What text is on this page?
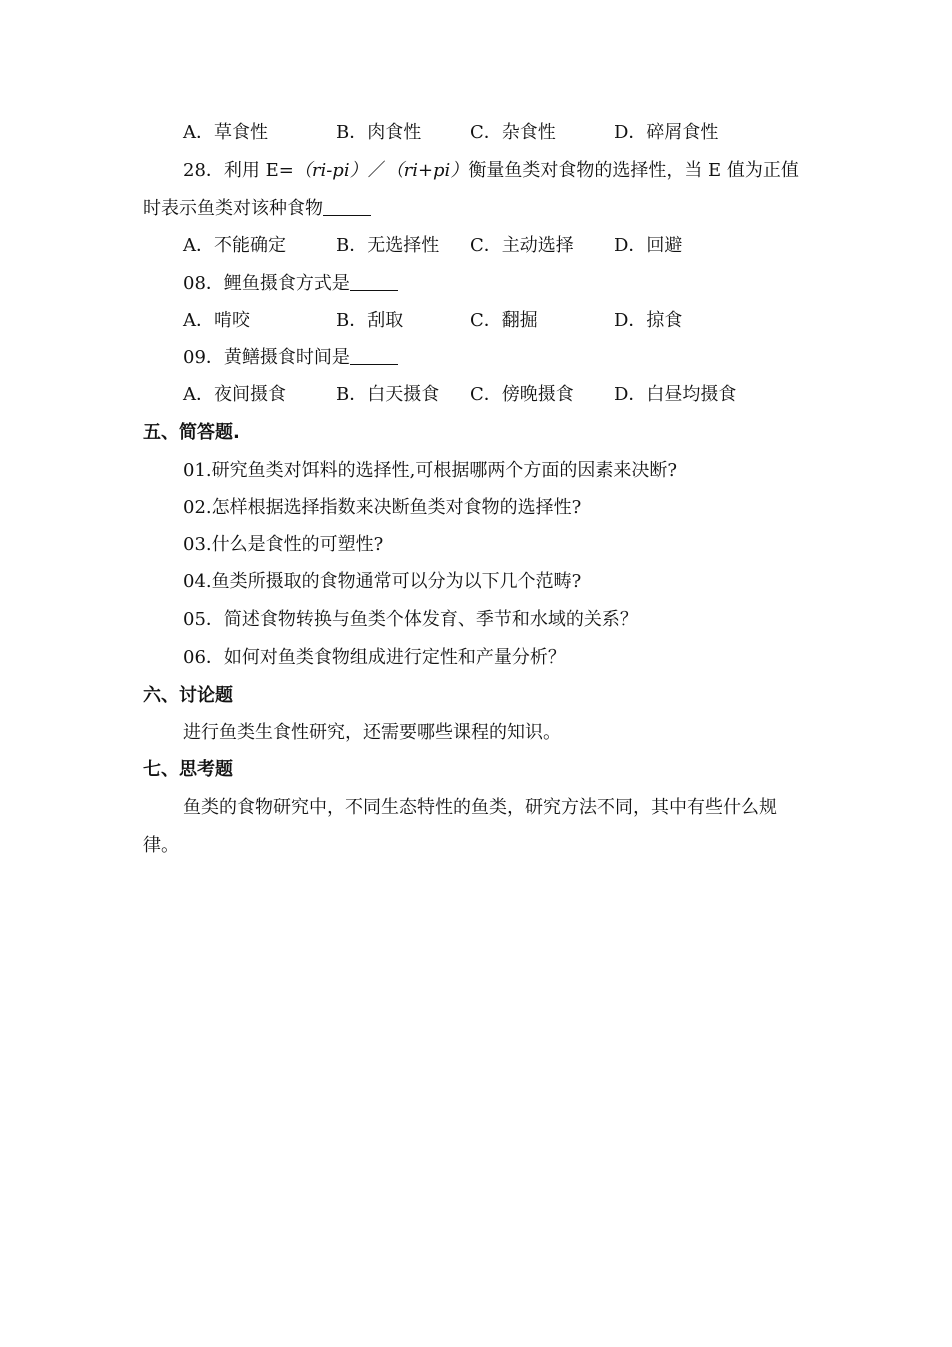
A．草食性	B．肉食性	C．杂食性	D．碎屑食性
28．利用 E=（ri-pi）／（ri+pi）衡量鱼类对食物的选择性，当 E 值为正值
时表示鱼类对该种食物
A．不能确定	B．无选择性 C．主动选择 D．回避
08．鲤鱼摄食方式是
A．啃咬	B．刮取	C．翻掘	D．掠食
09．黄鳝摄食时间是
A．夜间摄食	B．白天摄食 C．傍晚摄食 D．白昼均摄食
五、简答题.
01.研究鱼类对饵料的选择性,可根据哪两个方面的因素来决断?
02.怎样根据选择指数来决断鱼类对食物的选择性?
03.什么是食性的可塑性?
04.鱼类所摄取的食物通常可以分为以下几个范畴?
05．简述食物转换与鱼类个体发育、季节和水域的关系？
06．如何对鱼类食物组成进行定性和产量分析？
六、讨论题
进行鱼类生食性研究，还需要哪些课程的知识。
七、思考题
鱼类的食物研究中，不同生态特性的鱼类，研究方法不同，其中有些什么规
律。
